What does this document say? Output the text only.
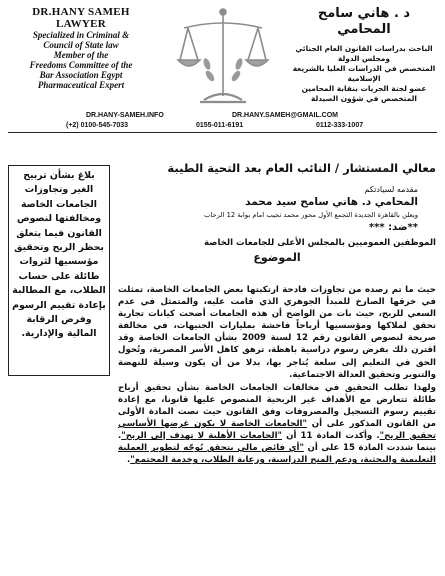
DR.HANY SAMEH
LAWYER
Specialized in Criminal &
Council of State law
Member of the
Freedoms Committee of the
Bar Association Egypt
Pharmaceutical Expert
د . هاني سامح
المحامي
الباحث بدراسات القانون العام الجنائي
ومجلس الدولة
المتخصص في الدراسات العليا بالشريعة الإسلامية
عضو لجنة الحريات بنقابة المحامين
المتخصص في شؤون الصيدلة
DR.HANY-SAMEH.INFO	DR.HANY.SAMEH@GMAIL.COM
(+2) 0100-545-7033	0155-011-6191	0112-333-1007
بلاغ بشأن تربيح الغير وتجاوزات الجامعات الخاصة ومخالفتها لنصوص القانون فيما يتعلق بحظر الربح وتحقيق مؤسسيها لثروات طائلة على حساب الطلاب، مع المطالبة بإعادة تقييم الرسوم وفرض الرقابة المالية والإدارية.
معالي المستشار / النائب العام بعد التحية الطيبة
مقدمه لسيادتكم
المحامي د. هاني سامح سيد محمد
ويعلن بالقاهرة الجديدة التجمع الأول محور محمد نجيب امام بوابة 12 الرحاب
**ضد: ***
الموظفين العموميين بالمجلس الأعلى للجامعات الخاصة
الموضوع

حيث ما تم رصده من تجاوزات فادحة ارتكبتها بعض الجامعات الخاصة، تمثلت في خرقها الصارخ للمبدأ الجوهري الذي قامت عليه، والمتمثل في عدم السعي للربح، حيث بات من الواضح أن هذه الجامعات أضحت كيانات تجارية تحقق لملاكها ومؤسسيها أرباحاً فاحشة بمليارات الجنيهات، في مخالفة صريحة لنصوص القانون رقم 12 لسنة 2009 بشأن الجامعات الخاصة وقد اقترن ذلك بفرض رسوم دراسية باهظة، ترهق كاهل الأسر المصرية، وتُحول الحق في التعليم إلى سلعة يُتاجر بها، بدلا من أن يكون وسيلة للنهضة والتنوير وتحقيق العدالة الاجتماعية.

ولهذا تطلب التحقيق في مخالفات الجامعات الخاصة بشأن تحقيق أرباح طائلة تتعارض مع الأهداف غير الربحية المنصوص عليها قانونا، مع إعادة تقييم رسوم التسجيل والمصروفات وفق القانون حيث نصت المادة الأولى من القانون المذكور على أن "الجامعات الخاصة لا يكون غرضها الأساسي تحقيق الربح". وأكدت المادة 11 أن "الجامعات الأهلية لا تهدف إلى الربح". بينما شددت المادة 15 على أن "أي فائض مالي يتحقق يُوجّه لتطوير العملية التعليمية والبحثية، ودعم المنح الدراسية، ورعاية الطلاب، وخدمة المجتمع".
